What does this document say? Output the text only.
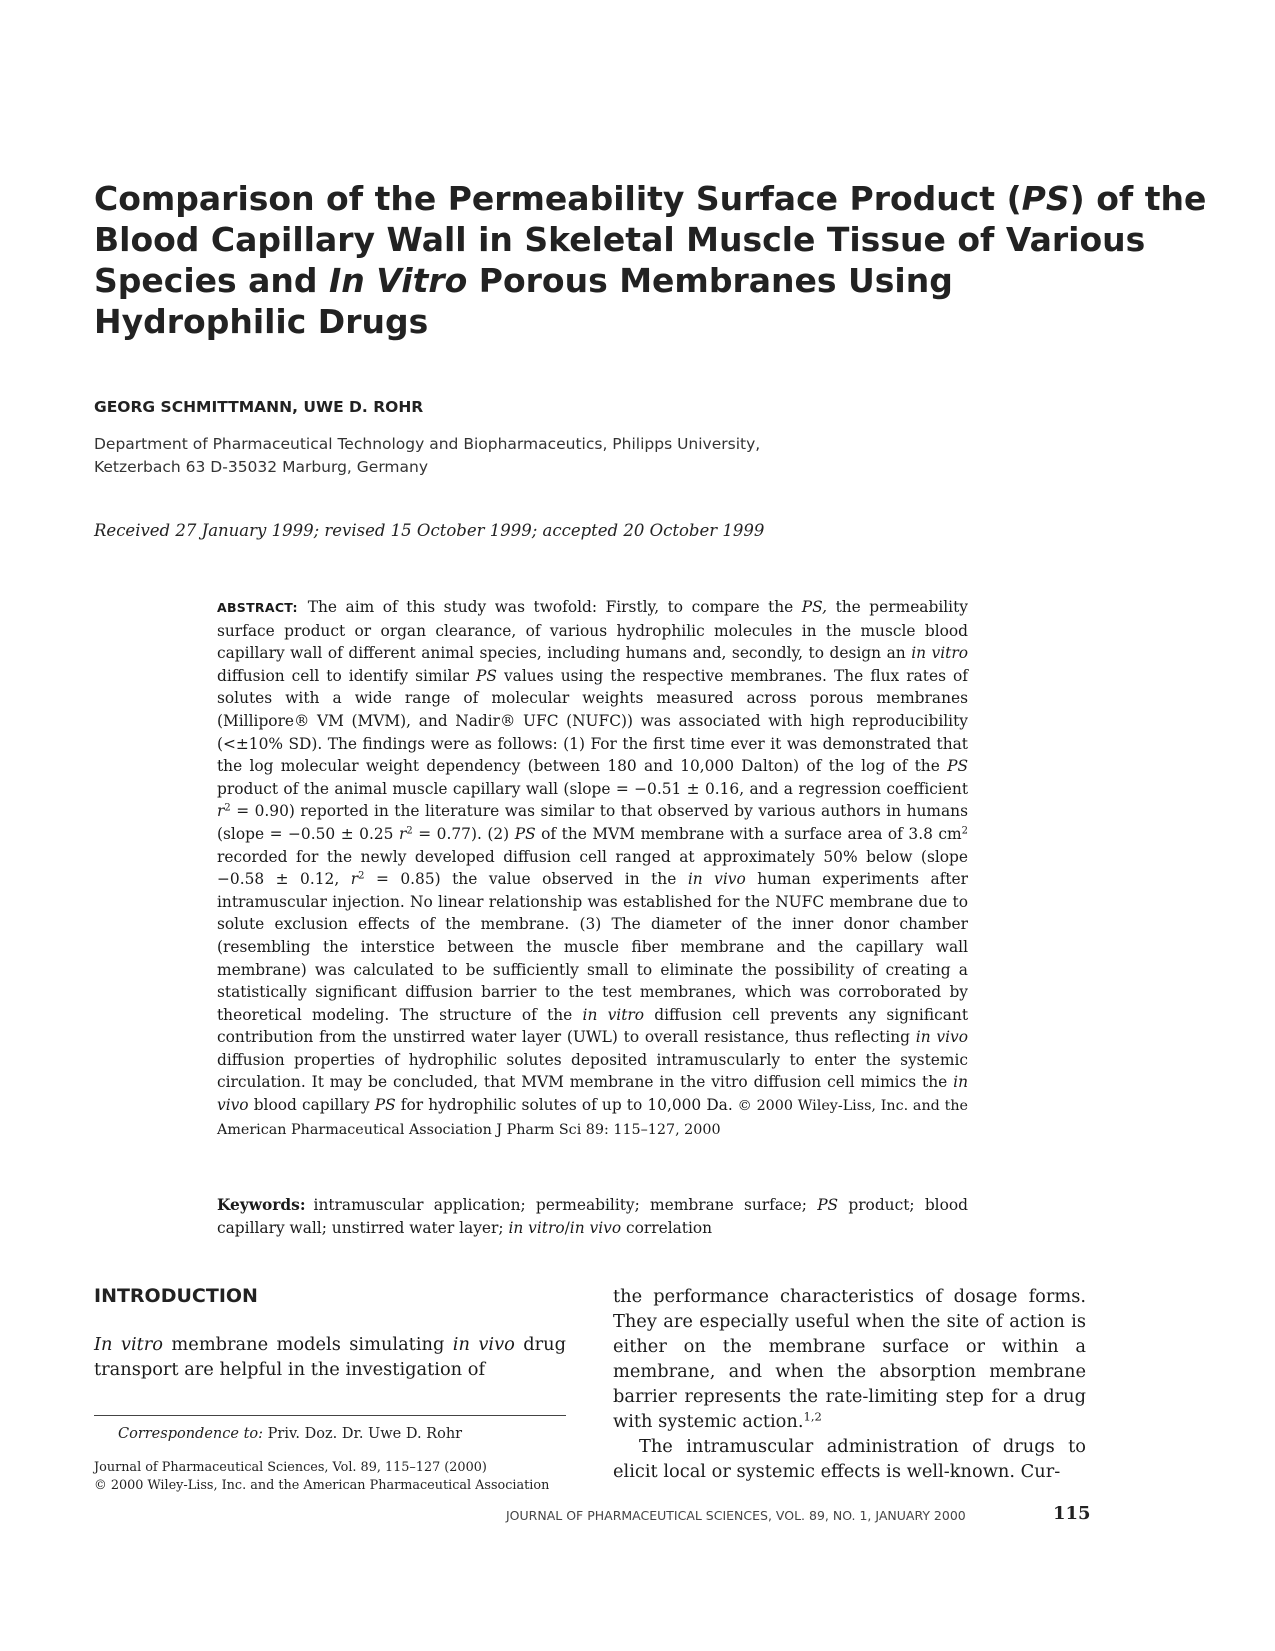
Comparison of the Permeability Surface Product (PS) of the
Blood Capillary Wall in Skeletal Muscle Tissue of Various
Species and In Vitro Porous Membranes Using
Hydrophilic Drugs

GEORG SCHMITTMANN, UWE D. ROHR

Department of Pharmaceutical Technology and Biopharmaceutics, Philipps University,
Ketzerbach 63 D-35032 Marburg, Germany

Received 27 January 1999; revised 15 October 1999; accepted 20 October 1999

ABSTRACT: The aim of this study was twofold: Firstly, to compare the PS, the permeability surface product or organ clearance, of various hydrophilic molecules in the muscle blood capillary wall of different animal species, including humans and, secondly, to design an in vitro diffusion cell to identify similar PS values using the respective membranes. The flux rates of solutes with a wide range of molecular weights measured across porous membranes (Millipore® VM (MVM), and Nadir® UFC (NUFC)) was associated with high reproducibility (<±10% SD). The findings were as follows: (1) For the first time ever it was demonstrated that the log molecular weight dependency (between 180 and 10,000 Dalton) of the log of the PS product of the animal muscle capillary wall (slope = −0.51 ± 0.16, and a regression coefficient $r^2 = 0.90$) reported in the literature was similar to that observed by various authors in humans (slope = −0.50 ± 0.25 $r^2 = 0.77$). (2) PS of the MVM membrane with a surface area of 3.8 $cm^2$ recorded for the newly developed diffusion cell ranged at approximately 50% below (slope −0.58 ± 0.12, $r^2 = 0.85$) the value observed in the in vivo human experiments after intramuscular injection. No linear relationship was established for the NUFC membrane due to solute exclusion effects of the membrane. (3) The diameter of the inner donor chamber (resembling the interstice between the muscle fiber membrane and the capillary wall membrane) was calculated to be sufficiently small to eliminate the possibility of creating a statistically significant diffusion barrier to the test membranes, which was corroborated by theoretical modeling. The structure of the in vitro diffusion cell prevents any significant contribution from the unstirred water layer (UWL) to overall resistance, thus reflecting in vivo diffusion properties of hydrophilic solutes deposited intramuscularly to enter the systemic circulation. It may be concluded, that MVM membrane in the vitro diffusion cell mimics the in vivo blood capillary PS for hydrophilic solutes of up to 10,000 Da. © 2000 Wiley-Liss, Inc. and the American Pharmaceutical Association J Pharm Sci 89: 115–127, 2000

Keywords: intramuscular application; permeability; membrane surface; PS product; blood capillary wall; unstirred water layer; in vitro/in vivo correlation

INTRODUCTION

In vitro membrane models simulating in vivo drug transport are helpful in the investigation of

Correspondence to: Priv. Doz. Dr. Uwe D. Rohr

Journal of Pharmaceutical Sciences, Vol. 89, 115–127 (2000)
© 2000 Wiley-Liss, Inc. and the American Pharmaceutical Association

the performance characteristics of dosage forms. They are especially useful when the site of action is either on the membrane surface or within a membrane, and when the absorption membrane barrier represents the rate-limiting step for a drug with systemic action.$^{1,2}$
The intramuscular administration of drugs to elicit local or systemic effects is well-known. Cur-

JOURNAL OF PHARMACEUTICAL SCIENCES, VOL. 89, NO. 1, JANUARY 2000	115
